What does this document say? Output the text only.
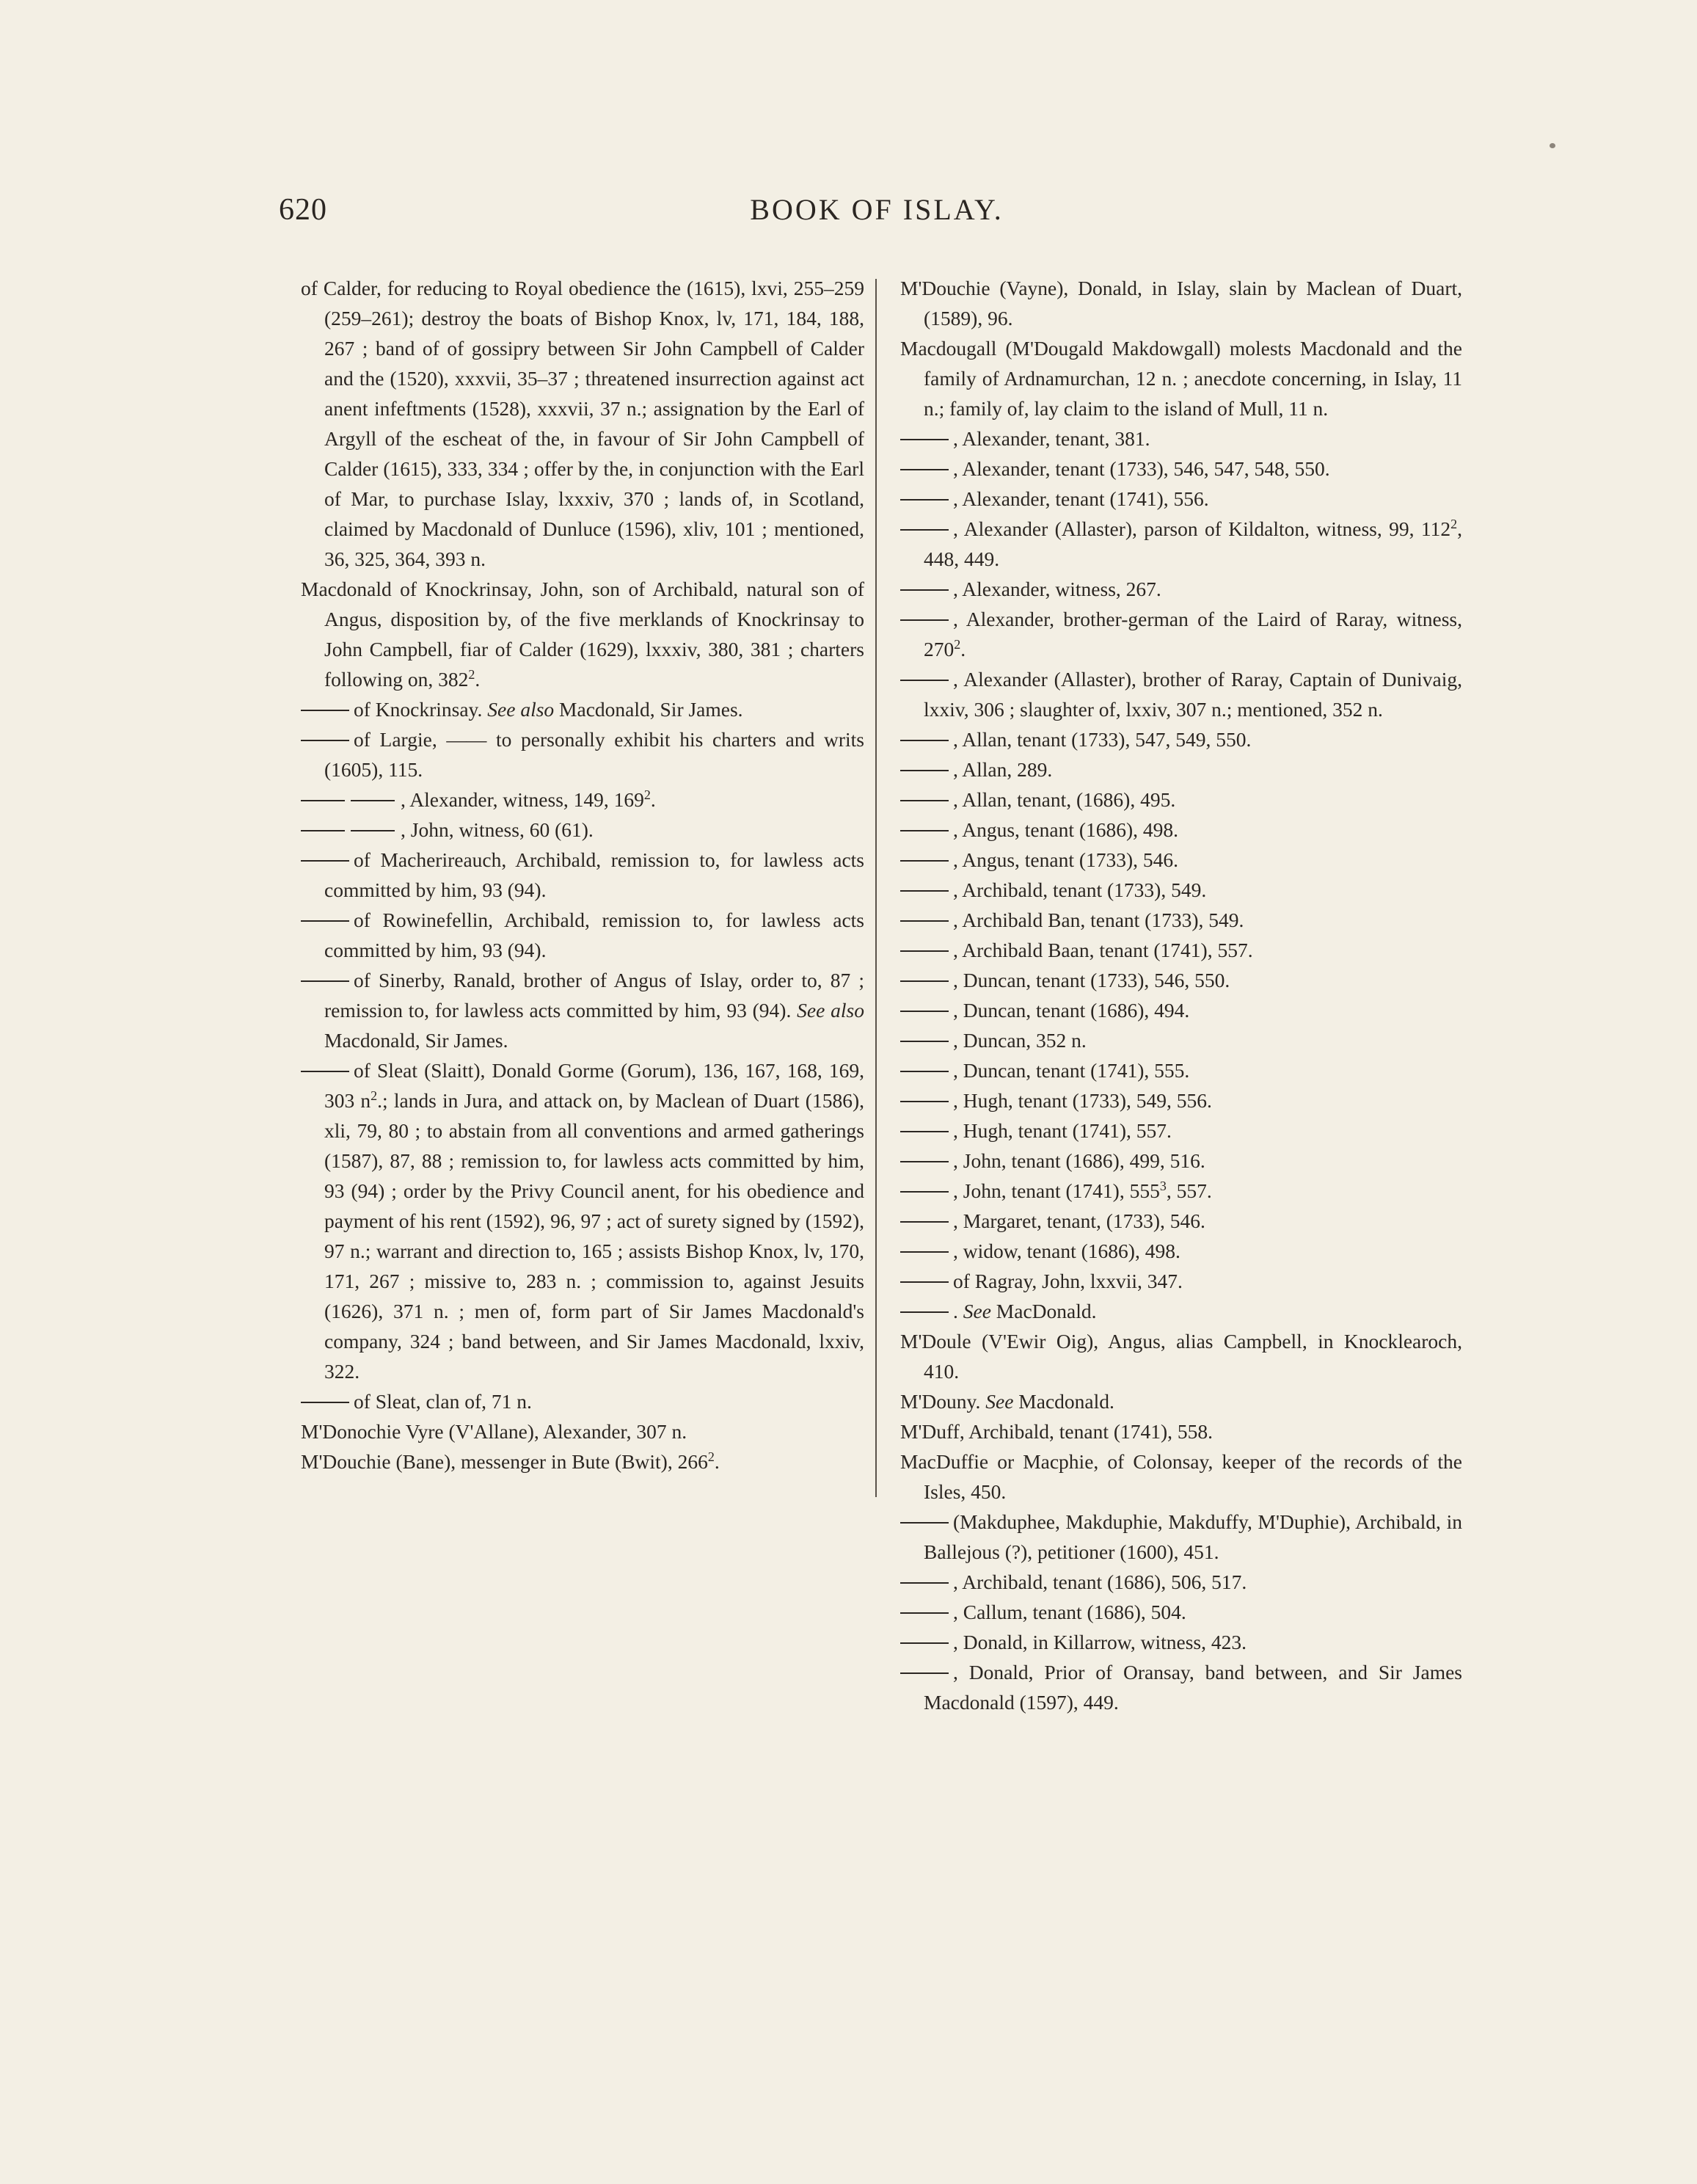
620	BOOK OF ISLAY.

of Calder, for reducing to Royal obedience the (1615), lxvi, 255–259 (259–261); destroy the boats of Bishop Knox, lv, 171, 184, 188, 267 ; band of of gossipry between Sir John Campbell of Calder and the (1520), xxxvii, 35–37 ; threatened insurrection against act anent infeftments (1528), xxxvii, 37 n.; assignation by the Earl of Argyll of the escheat of the, in favour of Sir John Campbell of Calder (1615), 333, 334 ; offer by the, in conjunction with the Earl of Mar, to purchase Islay, lxxxiv, 370 ; lands of, in Scotland, claimed by Macdonald of Dunluce (1596), xliv, 101 ; mentioned, 36, 325, 364, 393 n.

Macdonald of Knockrinsay, John, son of Archibald, natural son of Angus, disposition by, of the five merklands of Knockrinsay to John Campbell, fiar of Calder (1629), lxxxiv, 380, 381 ; charters following on, $382^2$.

of Knockrinsay. See also Macdonald, Sir James.

of Largie, —— to personally exhibit his charters and writs (1605), 115.

, Alexander, witness, 149, $169^2$.

, John, witness, 60 (61).

of Macherireauch, Archibald, remission to, for lawless acts committed by him, 93 (94).

of Rowinefellin, Archibald, remission to, for lawless acts committed by him, 93 (94).

of Sinerby, Ranald, brother of Angus of Islay, order to, 87 ; remission to, for lawless acts committed by him, 93 (94). See also Macdonald, Sir James.

of Sleat (Slaitt), Donald Gorme (Gorum), 136, 167, 168, 169, 303 $n^2$.; lands in Jura, and attack on, by Maclean of Duart (1586), xli, 79, 80 ; to abstain from all conventions and armed gatherings (1587), 87, 88 ; remission to, for lawless acts committed by him, 93 (94) ; order by the Privy Council anent, for his obedience and payment of his rent (1592), 96, 97 ; act of surety signed by (1592), 97 n.; warrant and direction to, 165 ; assists Bishop Knox, lv, 170, 171, 267 ; missive to, 283 n. ; commission to, against Jesuits (1626), 371 n. ; men of, form part of Sir James Macdonald's company, 324 ; band between, and Sir James Macdonald, lxxiv, 322.

of Sleat, clan of, 71 n.

M'Donochie Vyre (V'Allane), Alexander, 307 n.

M'Douchie (Bane), messenger in Bute (Bwit), $266^2$.

M'Douchie (Vayne), Donald, in Islay, slain by Maclean of Duart, (1589), 96.

Macdougall (M'Dougald Makdowgall) molests Macdonald and the family of Ardnamurchan, 12 n. ; anecdote concerning, in Islay, 11 n.; family of, lay claim to the island of Mull, 11 n.

, Alexander, tenant, 381.

, Alexander, tenant (1733), 546, 547, 548, 550.

, Alexander, tenant (1741), 556.

, Alexander (Allaster), parson of Kildalton, witness, 99, $112^2$, 448, 449.

, Alexander, witness, 267.

, Alexander, brother-german of the Laird of Raray, witness, $270^2$.

, Alexander (Allaster), brother of Raray, Captain of Dunivaig, lxxiv, 306 ; slaughter of, lxxiv, 307 n.; mentioned, 352 n.

, Allan, tenant (1733), 547, 549, 550.

, Allan, 289.

, Allan, tenant, (1686), 495.

, Angus, tenant (1686), 498.

, Angus, tenant (1733), 546.

, Archibald, tenant (1733), 549.

, Archibald Ban, tenant (1733), 549.

, Archibald Baan, tenant (1741), 557.

, Duncan, tenant (1733), 546, 550.

, Duncan, tenant (1686), 494.

, Duncan, 352 n.

, Duncan, tenant (1741), 555.

, Hugh, tenant (1733), 549, 556.

, Hugh, tenant (1741), 557.

, John, tenant (1686), 499, 516.

, John, tenant (1741), $555^3$, 557.

, Margaret, tenant, (1733), 546.

, widow, tenant (1686), 498.

of Ragray, John, lxxvii, 347.

. See MacDonald.

M'Doule (V'Ewir Oig), Angus, alias Campbell, in Knocklearoch, 410.

M'Douny. See Macdonald.

M'Duff, Archibald, tenant (1741), 558.

MacDuffie or Macphie, of Colonsay, keeper of the records of the Isles, 450.

(Makduphee, Makduphie, Makduffy, M'Duphie), Archibald, in Ballejous (?), petitioner (1600), 451.

, Archibald, tenant (1686), 506, 517.

, Callum, tenant (1686), 504.

, Donald, in Killarrow, witness, 423.

, Donald, Prior of Oransay, band between, and Sir James Macdonald (1597), 449.
